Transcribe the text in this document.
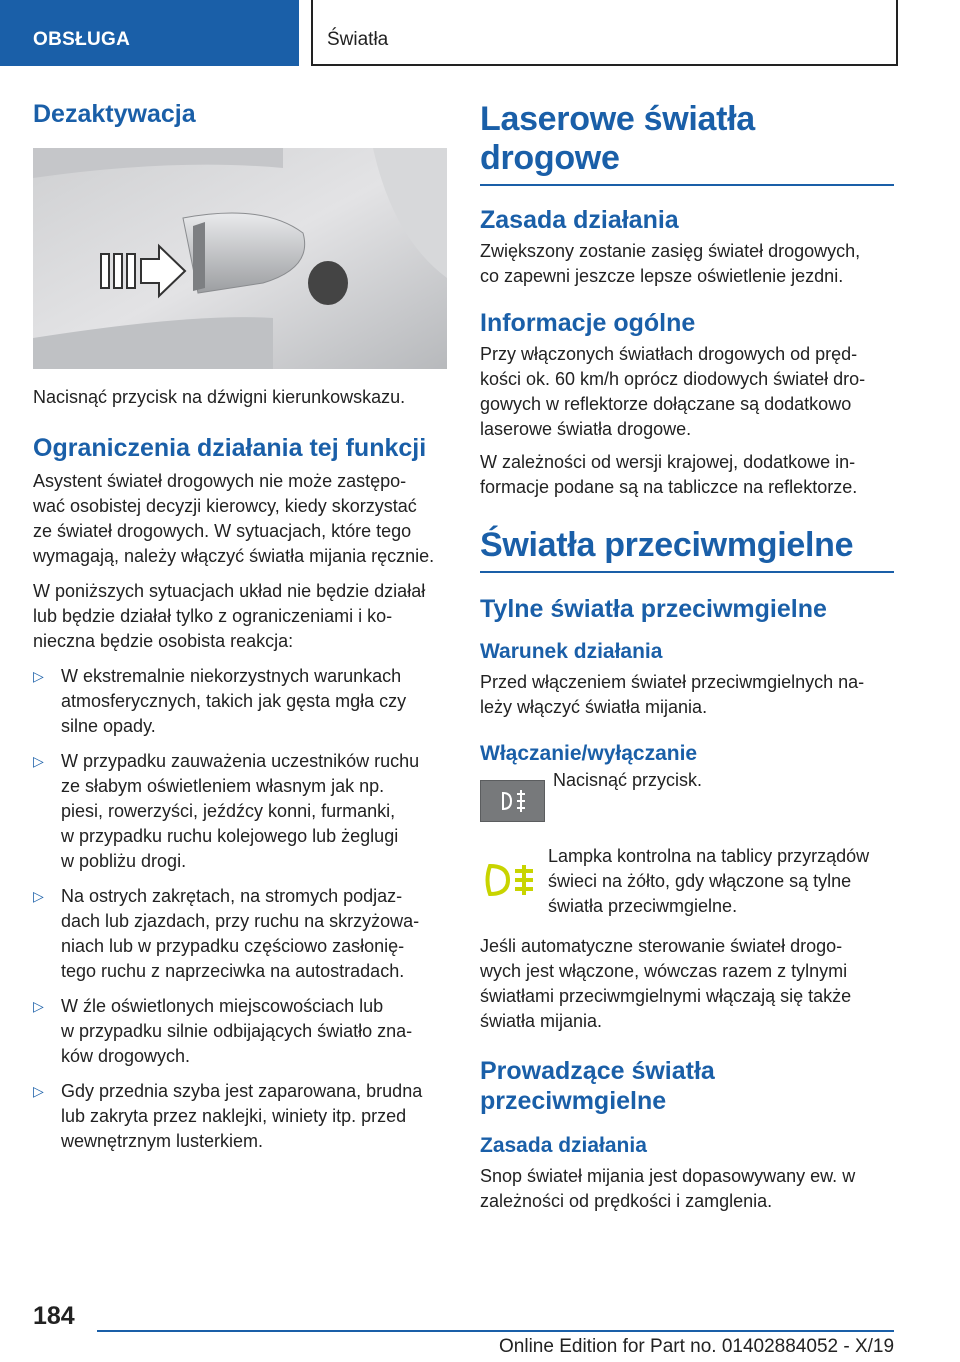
OBSŁUGA	Światła
Dezaktywacja

Nacisnąć przycisk na dźwigni kierunkowskazu.

Ograniczenia działania tej funkcji

Asystent świateł drogowych nie może zastępo-
wać osobistej decyzji kierowcy, kiedy skorzystać
ze świateł drogowych. W sytuacjach, które tego
wymagają, należy włączyć światła mijania ręcznie.

W poniższych sytuacjach układ nie będzie działał
lub będzie działał tylko z ograniczeniami i ko-
nieczna będzie osobista reakcja:

▷ W ekstremalnie niekorzystnych warunkach
atmosferycznych, takich jak gęsta mgła czy
silne opady.
▷ W przypadku zauważenia uczestników ruchu
ze słabym oświetleniem własnym jak np.
piesi, rowerzyści, jeźdźcy konni, furmanki,
w przypadku ruchu kolejowego lub żeglugi
w pobliżu drogi.
▷ Na ostrych zakrętach, na stromych podjaz-
dach lub zjazdach, przy ruchu na skrzyżowa-
niach lub w przypadku częściowo zasłonię-
tego ruchu z naprzeciwka na autostradach.
▷ W źle oświetlonych miejscowościach lub
w przypadku silnie odbijających światło zna-
ków drogowych.
▷ Gdy przednia szyba jest zaparowana, brudna
lub zakryta przez naklejki, winiety itp. przed
wewnętrznym lusterkiem.
Laserowe światła drogowe
Zasada działania

Zwiększony zostanie zasięg świateł drogowych,
co zapewni jeszcze lepsze oświetlenie jezdni.

Informacje ogólne

Przy włączonych światłach drogowych od pręd-
kości ok. 60 km/h oprócz diodowych świateł dro-
gowych w reflektorze dołączane są dodatkowo
laserowe światła drogowe.

W zależności od wersji krajowej, dodatkowe in-
formacje podane są na tabliczce na reflektorze.

Światła przeciwmgielne
Tylne światła przeciwmgielne
Warunek działania

Przed włączeniem świateł przeciwmgielnych na-
leży włączyć światła mijania.

Włączanie/wyłączanie

Nacisnąć przycisk.

Lampka kontrolna na tablicy przyrządów
świeci na żółto, gdy włączone są tylne
światła przeciwmgielne.

Jeśli automatyczne sterowanie świateł drogo-
wych jest włączone, wówczas razem z tylnymi
światłami przeciwmgielnymi włączają się także
światła mijania.

Prowadzące światła
przeciwmgielne
Zasada działania

Snop świateł mijania jest dopasowywany ew. w
zależności od prędkości i zamglenia.

184
Online Edition for Part no. 01402884052 - X/19
